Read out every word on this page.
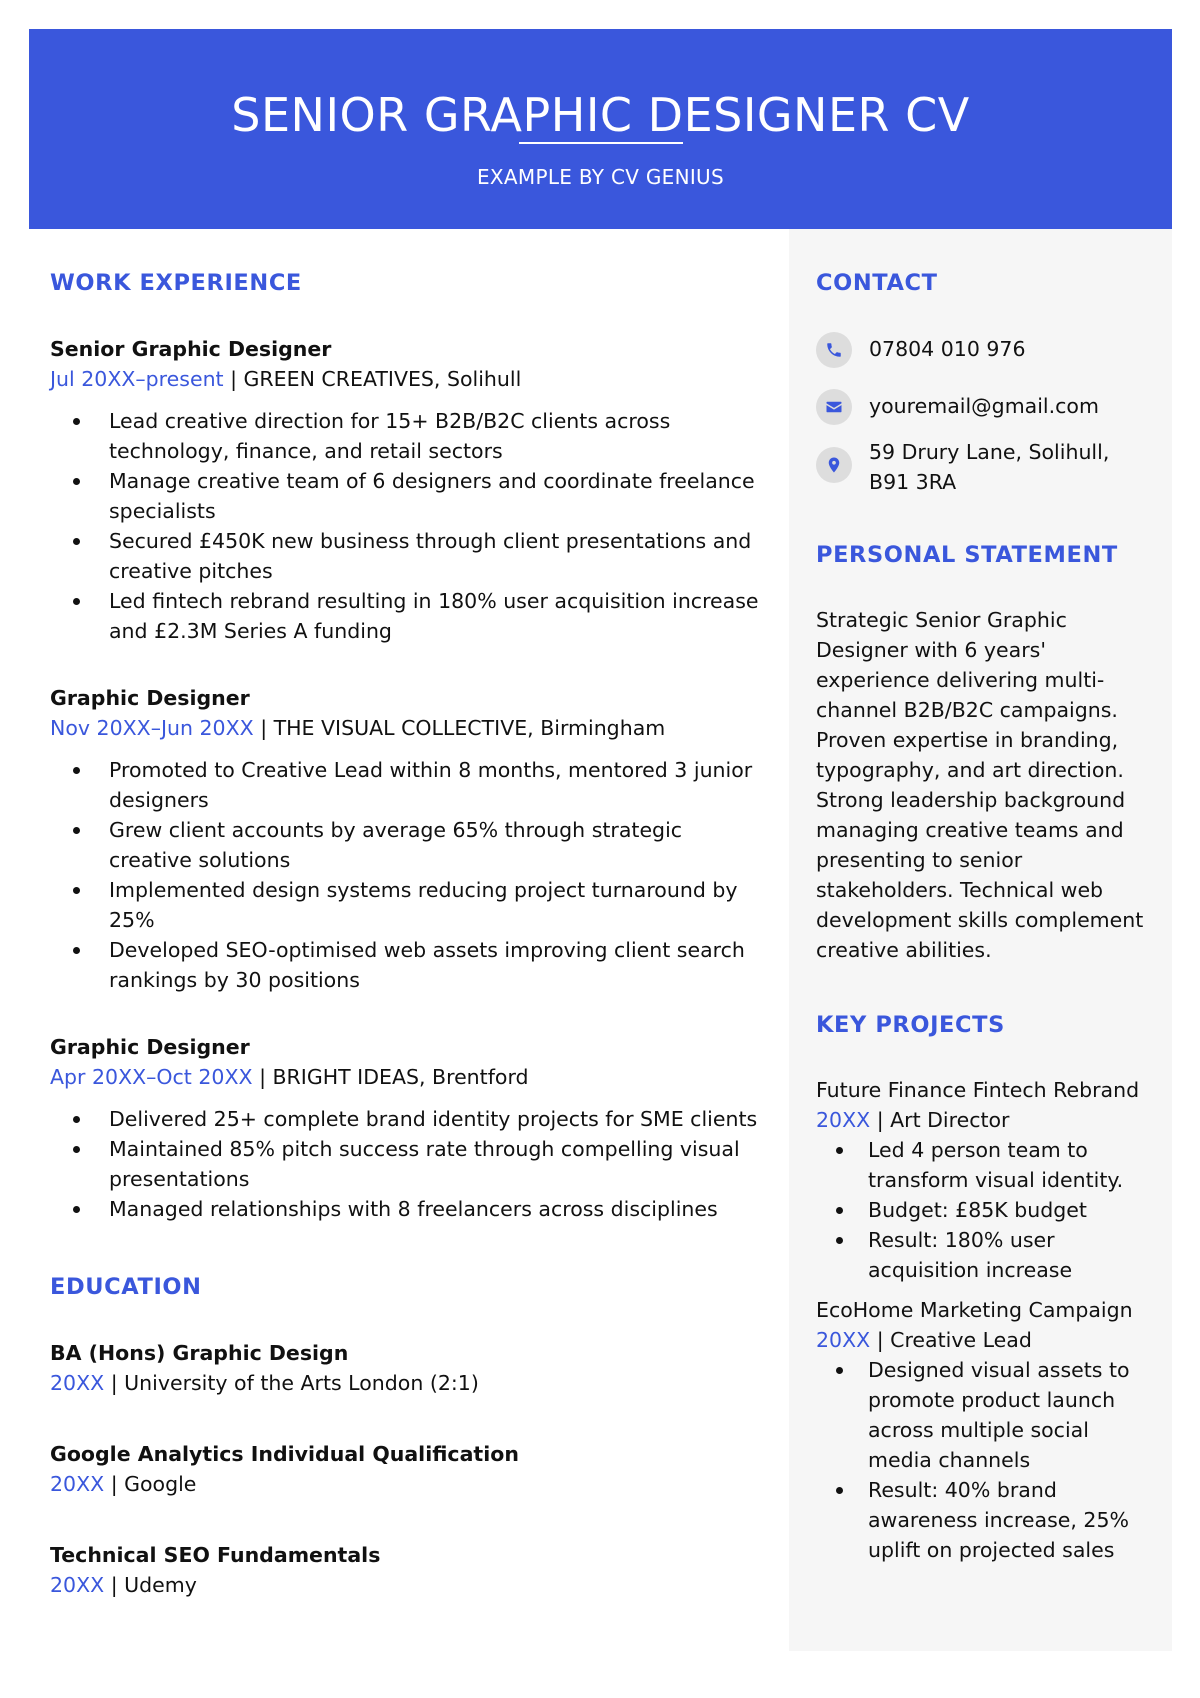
SENIOR GRAPHIC DESIGNER CV
EXAMPLE BY CV GENIUS
WORK EXPERIENCE
Senior Graphic Designer
Jul 20XX–present | GREEN CREATIVES, Solihull
Lead creative direction for 15+ B2B/B2C clients across technology, finance, and retail sectors
Manage creative team of 6 designers and coordinate freelance specialists
Secured £450K new business through client presentations and creative pitches
Led fintech rebrand resulting in 180% user acquisition increase and £2.3M Series A funding
Graphic Designer
Nov 20XX–Jun 20XX | THE VISUAL COLLECTIVE, Birmingham
Promoted to Creative Lead within 8 months, mentored 3 junior designers
Grew client accounts by average 65% through strategic creative solutions
Implemented design systems reducing project turnaround by 25%
Developed SEO-optimised web assets improving client search rankings by 30 positions
Graphic Designer
Apr 20XX–Oct 20XX | BRIGHT IDEAS, Brentford
Delivered 25+ complete brand identity projects for SME clients
Maintained 85% pitch success rate through compelling visual presentations
Managed relationships with 8 freelancers across disciplines
EDUCATION
BA (Hons) Graphic Design
20XX | University of the Arts London (2:1)
Google Analytics Individual Qualification
20XX | Google
Technical SEO Fundamentals
20XX | Udemy
CONTACT
07804 010 976
youremail@gmail.com
59 Drury Lane, Solihull,
B91 3RA
PERSONAL STATEMENT
Strategic Senior Graphic Designer with 6 years' experience delivering multi-channel B2B/B2C campaigns. Proven expertise in branding, typography, and art direction. Strong leadership background managing creative teams and presenting to senior stakeholders. Technical web development skills complement creative abilities.
KEY PROJECTS
Future Finance Fintech Rebrand
20XX | Art Director
Led 4 person team to transform visual identity.
Budget: £85K budget
Result: 180% user acquisition increase
EcoHome Marketing Campaign
20XX | Creative Lead
Designed visual assets to promote product launch across multiple social media channels
Result: 40% brand awareness increase, 25% uplift on projected sales
